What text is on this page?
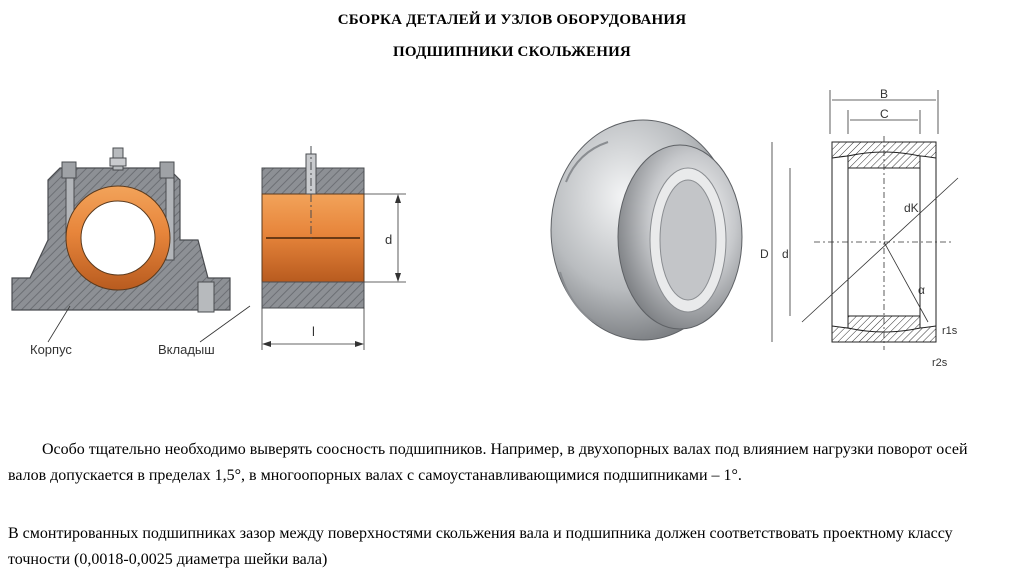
СБОРКА ДЕТАЛЕЙ И УЗЛОВ ОБОРУДОВАНИЯ
ПОДШИПНИКИ СКОЛЬЖЕНИЯ
d
l
Корпус	Вкладыш
B
C
D d
dK
α
r1s
r2s
Особо тщательно необходимо выверять соосность подшипников. Например, в двухопорных валах под влиянием нагрузки поворот осей валов допускается в пределах 1,5°, в многоопорных валах с самоустанавливающимися подшипниками – 1°.
В смонтированных подшипниках зазор между поверхностями скольжения вала и подшипника должен соответствовать проектному классу точности (0,0018-0,0025 диаметра шейки вала)
